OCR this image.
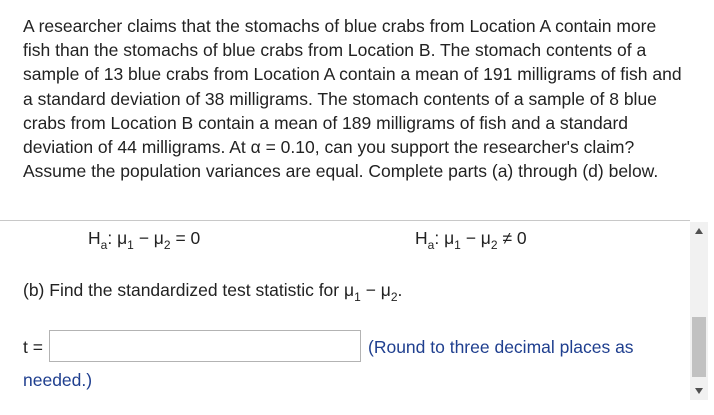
A researcher claims that the stomachs of blue crabs from Location A contain more fish than the stomachs of blue crabs from Location B. The stomach contents of a sample of 13 blue crabs from Location A contain a mean of 191 milligrams of fish and a standard deviation of 38 milligrams. The stomach contents of a sample of 8 blue crabs from Location B contain a mean of 189 milligrams of fish and a standard deviation of 44 milligrams. At α = 0.10, can you support the researcher's claim? Assume the population variances are equal. Complete parts (a) through (d) below.
$H_a$: $\mu_1 - \mu_2 = 0$	$H_a$: $\mu_1 - \mu_2 \ne 0$
(b) Find the standardized test statistic for $\mu_1 - \mu_2$.
t =	(Round to three decimal places as
needed.)
